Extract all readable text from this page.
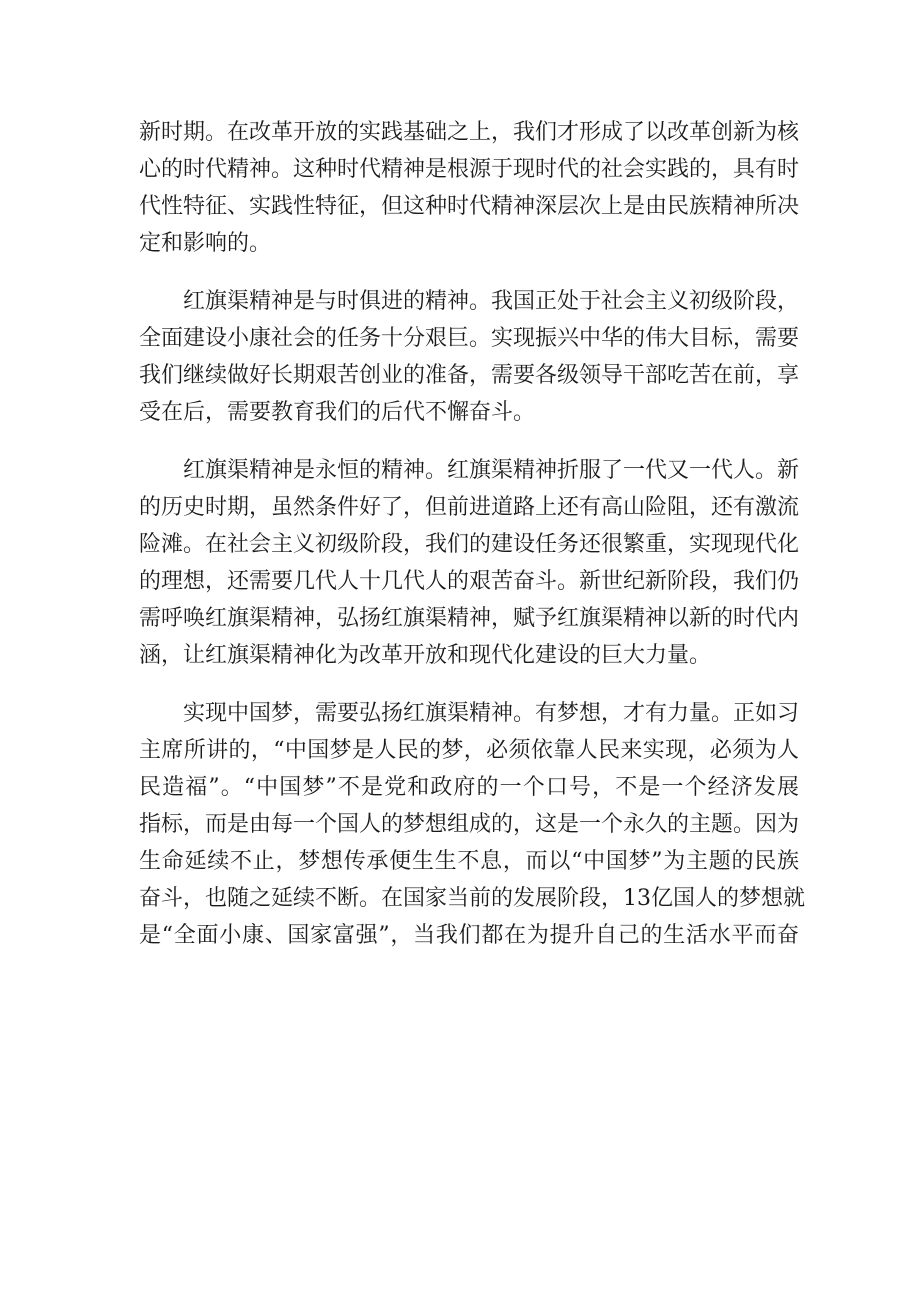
新时期。在改革开放的实践基础之上，我们才形成了以改革创新为核
心的时代精神。这种时代精神是根源于现时代的社会实践的，具有时
代性特征、实践性特征，但这种时代精神深层次上是由民族精神所决
定和影响的。
红旗渠精神是与时俱进的精神。我国正处于社会主义初级阶段，
全面建设小康社会的任务十分艰巨。实现振兴中华的伟大目标，需要
我们继续做好长期艰苦创业的准备，需要各级领导干部吃苦在前，享
受在后，需要教育我们的后代不懈奋斗。
红旗渠精神是永恒的精神。红旗渠精神折服了一代又一代人。新
的历史时期，虽然条件好了，但前进道路上还有高山险阻，还有激流
险滩。在社会主义初级阶段，我们的建设任务还很繁重，实现现代化
的理想，还需要几代人十几代人的艰苦奋斗。新世纪新阶段，我们仍
需呼唤红旗渠精神，弘扬红旗渠精神，赋予红旗渠精神以新的时代内
涵，让红旗渠精神化为改革开放和现代化建设的巨大力量。
实现中国梦，需要弘扬红旗渠精神。有梦想，才有力量。正如习
主席所讲的，“中国梦是人民的梦，必须依靠人民来实现，必须为人
民造福”。“中国梦”不是党和政府的一个口号，不是一个经济发展
指标，而是由每一个国人的梦想组成的，这是一个永久的主题。因为
生命延续不止，梦想传承便生生不息，而以“中国梦”为主题的民族
奋斗，也随之延续不断。在国家当前的发展阶段，13亿国人的梦想就
是“全面小康、国家富强”，当我们都在为提升自己的生活水平而奋
